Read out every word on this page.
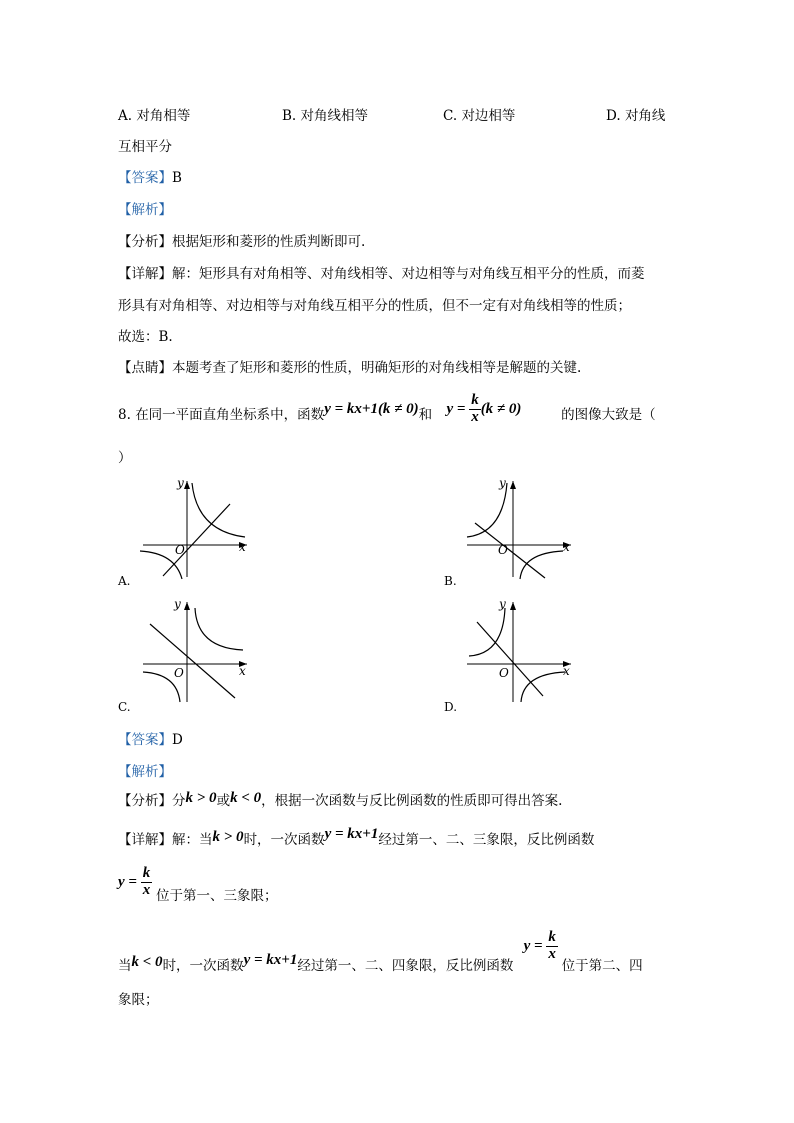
A. 对角相等	B. 对角线相等	C. 对边相等	D. 对角线
互相平分
【答案】B
【解析】
【分析】根据矩形和菱形的性质判断即可.
【详解】解：矩形具有对角相等、对角线相等、对边相等与对角线互相平分的性质，而菱
形具有对角相等、对边相等与对角线互相平分的性质，但不一定有对角线相等的性质；
故选：B.
【点睛】本题考查了矩形和菱形的性质，明确矩形的对角线相等是解题的关键.
8. 在同一平面直角坐标系中，函数y = kx+1(k ≠ 0)和 $y = \frac{k}{x} (k \ne 0)$	的图像大致是（
）
y
x
O
A.
y
x
O
B.
y
x
O
C.
y
x
O
D.
【答案】D
【解析】
【分析】分k > 0或k < 0，根据一次函数与反比例函数的性质即可得出答案.
【详解】解：当k > 0时，一次函数y = kx+1经过第一、二、三象限，反比例函数
$y = \frac{k}{x}$ 位于第一、三象限；
当k < 0时，一次函数y = kx+1经过第一、二、四象限，反比例函数 $y = \frac{k}{x}$
位于第二、四
象限；
